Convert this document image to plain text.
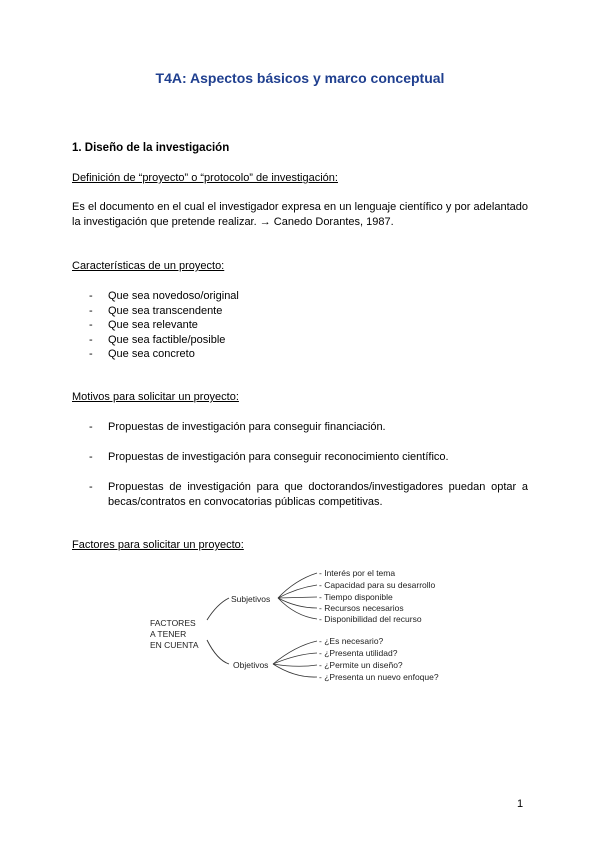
T4A: Aspectos básicos y marco conceptual
1. Diseño de la investigación
Definición de “proyecto” o “protocolo” de investigación:
Es el documento en el cual el investigador expresa en un lenguaje científico y por adelantado la investigación que pretende realizar. → Canedo Dorantes, 1987.
Características de un proyecto:
- Que sea novedoso/original
- Que sea transcendente
- Que sea relevante
- Que sea factible/posible
- Que sea concreto
Motivos para solicitar un proyecto:
- Propuestas de investigación para conseguir financiación.
- Propuestas de investigación para conseguir reconocimiento científico.
- Propuestas de investigación para que doctorandos/investigadores puedan optar a becas/contratos en convocatorias públicas competitivas.
Factores para solicitar un proyecto:
FACTORES
A TENER
EN CUENTA
Subjetivos
Objetivos
- Interés por el tema
- Capacidad para su desarrollo
- Tiempo disponible
- Recursos necesarios
- Disponibilidad del recurso
- ¿Es necesario?
- ¿Presenta utilidad?
- ¿Permite un diseño?
- ¿Presenta un nuevo enfoque?
1
